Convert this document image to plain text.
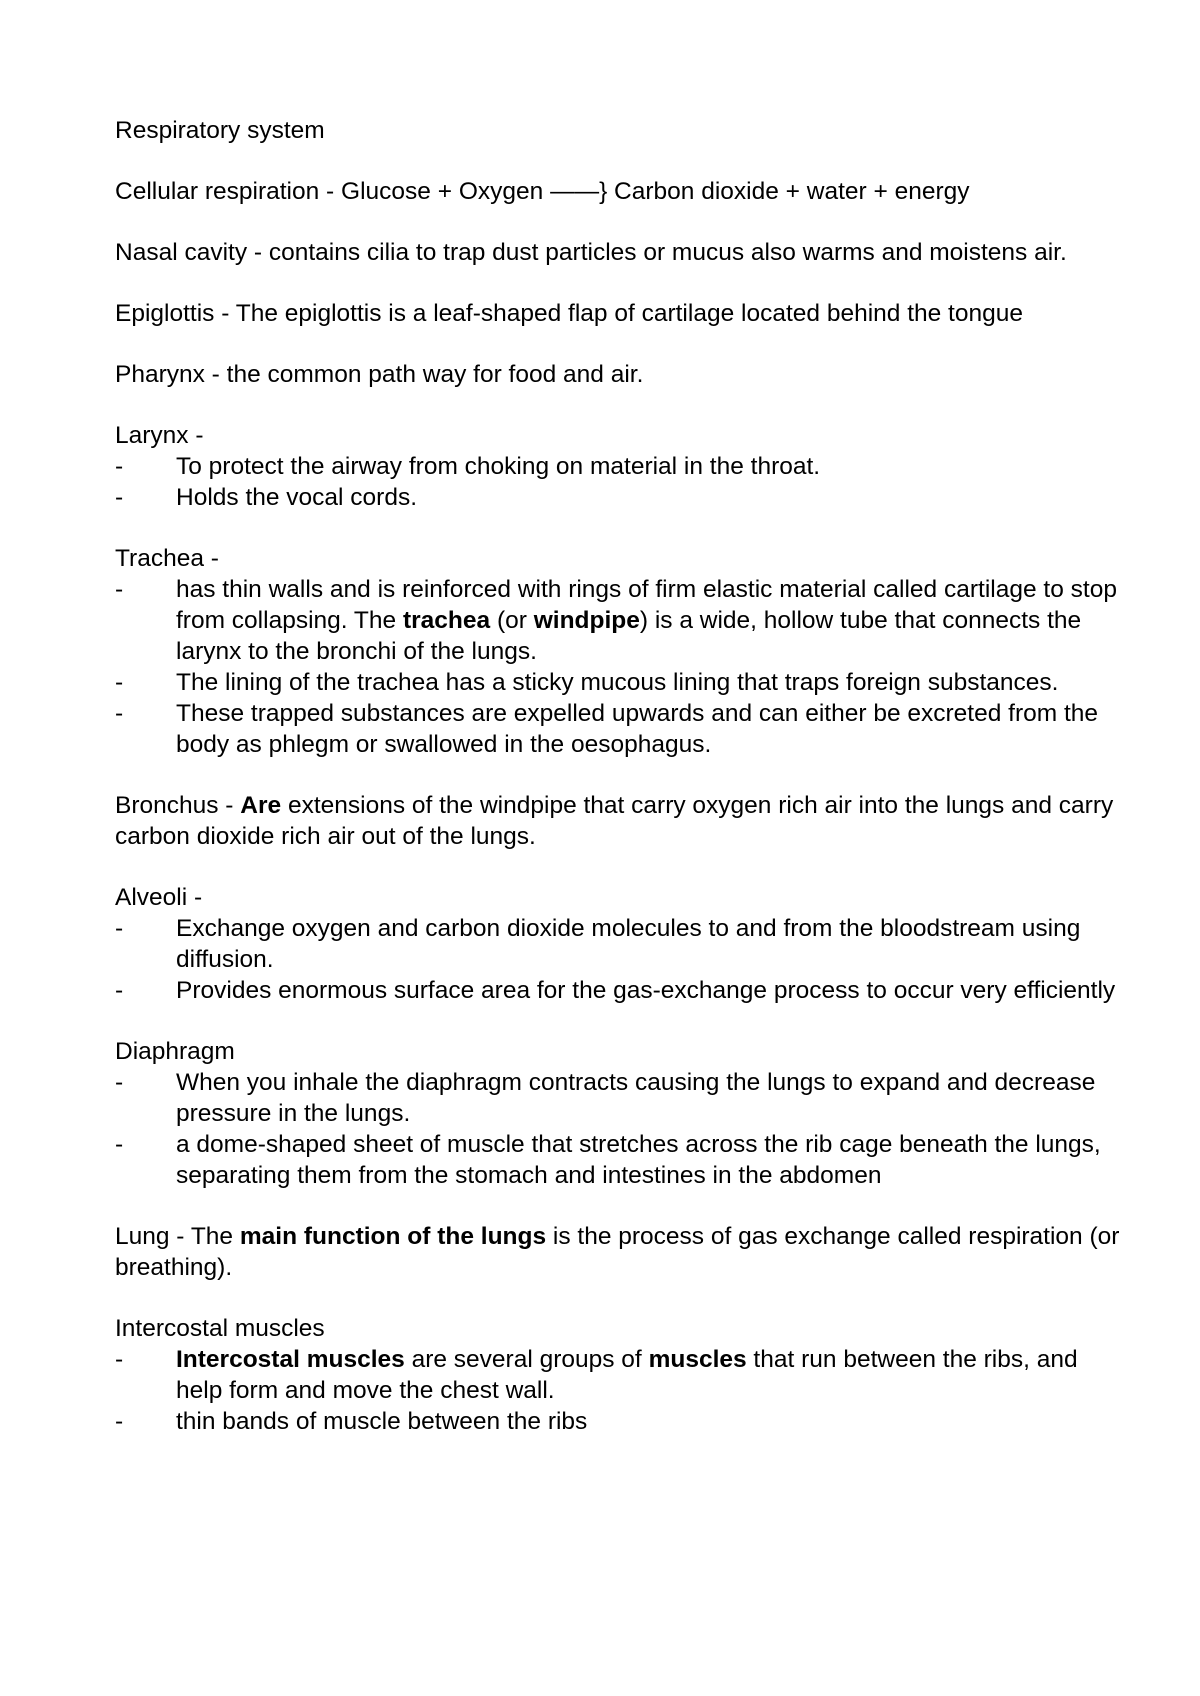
Respiratory system

Cellular respiration - Glucose + Oxygen ——} Carbon dioxide + water + energy

Nasal cavity - contains cilia to trap dust particles or mucus also warms and moistens air.

Epiglottis - The epiglottis is a leaf-shaped flap of cartilage located behind the tongue

Pharynx - the common path way for food and air.

Larynx -

- To protect the airway from choking on material in the throat.
- Holds the vocal cords.

Trachea -

- has thin walls and is reinforced with rings of firm elastic material called cartilage to stop from collapsing. The trachea (or windpipe) is a wide, hollow tube that connects the larynx to the bronchi of the lungs.
- The lining of the trachea has a sticky mucous lining that traps foreign substances.
- These trapped substances are expelled upwards and can either be excreted from the body as phlegm or swallowed in the oesophagus.

Bronchus - Are extensions of the windpipe that carry oxygen rich air into the lungs and carry carbon dioxide rich air out of the lungs.

Alveoli -

- Exchange oxygen and carbon dioxide molecules to and from the bloodstream using diffusion.
- Provides enormous surface area for the gas-exchange process to occur very efficiently

Diaphragm

- When you inhale the diaphragm contracts causing the lungs to expand and decrease pressure in the lungs.
- a dome-shaped sheet of muscle that stretches across the rib cage beneath the lungs, separating them from the stomach and intestines in the abdomen

Lung - The main function of the lungs is the process of gas exchange called respiration (or breathing).

Intercostal muscles

- Intercostal muscles are several groups of muscles that run between the ribs, and help form and move the chest wall.
- thin bands of muscle between the ribs
